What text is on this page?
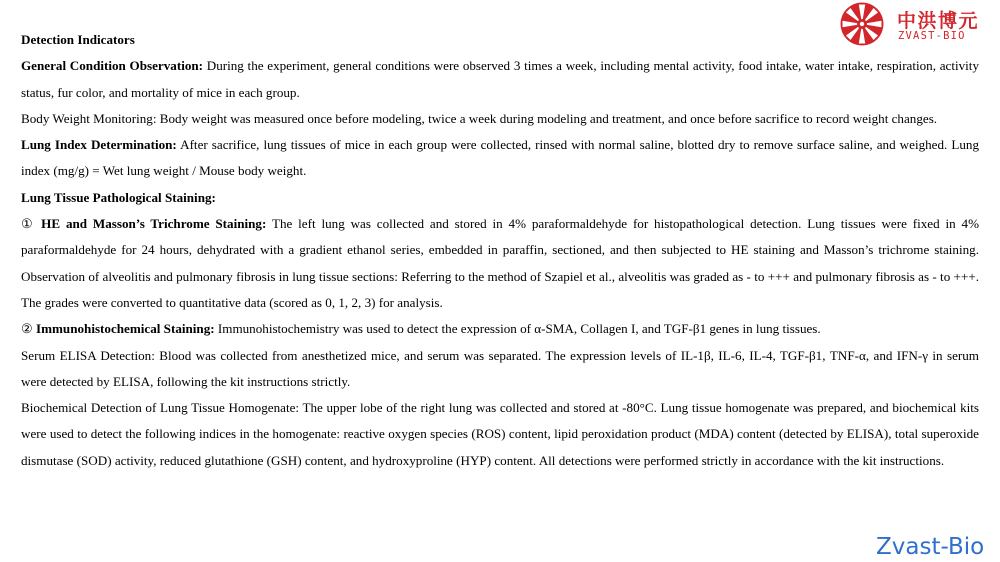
中洪博元
ZVAST-BIO

Detection Indicators

General Condition Observation: During the experiment, general conditions were observed 3 times a week, including mental activity, food intake, water intake, respiration, activity status, fur color, and mortality of mice in each group.

Body Weight Monitoring: Body weight was measured once before modeling, twice a week during modeling and treatment, and once before sacrifice to record weight changes.

Lung Index Determination: After sacrifice, lung tissues of mice in each group were collected, rinsed with normal saline, blotted dry to remove surface saline, and weighed. Lung index (mg/g) = Wet lung weight / Mouse body weight.

Lung Tissue Pathological Staining:

① HE and Masson’s Trichrome Staining: The left lung was collected and stored in 4% paraformaldehyde for histopathological detection. Lung tissues were fixed in 4% paraformaldehyde for 24 hours, dehydrated with a gradient ethanol series, embedded in paraffin, sectioned, and then subjected to HE staining and Masson’s trichrome staining. Observation of alveolitis and pulmonary fibrosis in lung tissue sections: Referring to the method of Szapiel et al., alveolitis was graded as - to +++ and pulmonary fibrosis as - to +++. The grades were converted to quantitative data (scored as 0, 1, 2, 3) for analysis.

② Immunohistochemical Staining: Immunohistochemistry was used to detect the expression of α-SMA, Collagen I, and TGF-β1 genes in lung tissues.

Serum ELISA Detection: Blood was collected from anesthetized mice, and serum was separated. The expression levels of IL-1β, IL-6, IL-4, TGF-β1, TNF-α, and IFN-γ in serum were detected by ELISA, following the kit instructions strictly.

Biochemical Detection of Lung Tissue Homogenate: The upper lobe of the right lung was collected and stored at -80°C. Lung tissue homogenate was prepared, and biochemical kits were used to detect the following indices in the homogenate: reactive oxygen species (ROS) content, lipid peroxidation product (MDA) content (detected by ELISA), total superoxide dismutase (SOD) activity, reduced glutathione (GSH) content, and hydroxyproline (HYP) content. All detections were performed strictly in accordance with the kit instructions.

Zvast-Bio
